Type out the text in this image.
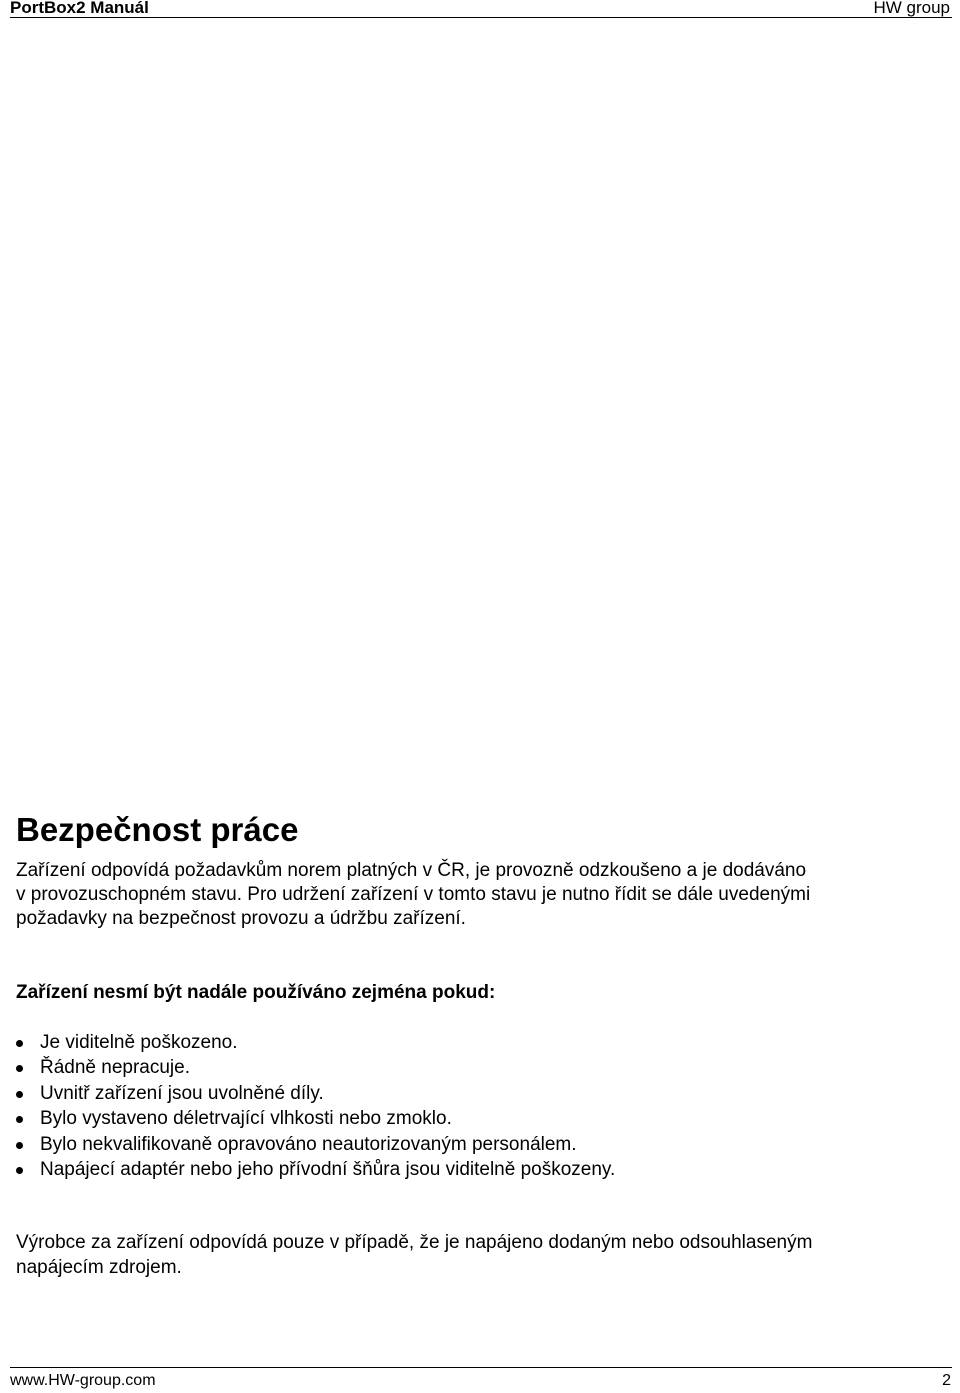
PortBox2 Manuál	HW group
Bezpečnost práce

Zařízení odpovídá požadavkům norem platných v ČR, je provozně odzkoušeno a je dodáváno
v provozuschopném stavu. Pro udržení zařízení v tomto stavu je nutno řídit se dále uvedenými
požadavky na bezpečnost provozu a údržbu zařízení.

Zařízení nesmí být nadále používáno zejména pokud:

Je viditelně poškozeno.
Řádně nepracuje.
Uvnitř zařízení jsou uvolněné díly.
Bylo vystaveno déletrvající vlhkosti nebo zmoklo.
Bylo nekvalifikovaně opravováno neautorizovaným personálem.
Napájecí adaptér nebo jeho přívodní šňůra jsou viditelně poškozeny.

Výrobce za zařízení odpovídá pouze v případě, že je napájeno dodaným nebo odsouhlaseným
napájecím zdrojem.

www.HW-group.com	2
